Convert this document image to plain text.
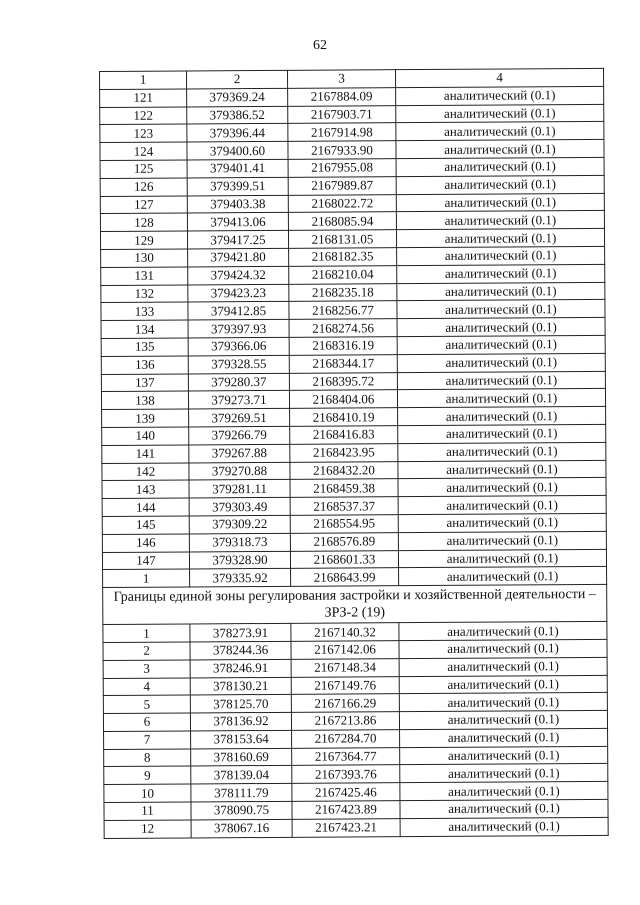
62
1	2	3	4
121	379369.24	2167884.09	аналитический (0.1)
122	379386.52	2167903.71	аналитический (0.1)
123	379396.44	2167914.98	аналитический (0.1)
124	379400.60	2167933.90	аналитический (0.1)
125	379401.41	2167955.08	аналитический (0.1)
126	379399.51	2167989.87	аналитический (0.1)
127	379403.38	2168022.72	аналитический (0.1)
128	379413.06	2168085.94	аналитический (0.1)
129	379417.25	2168131.05	аналитический (0.1)
130	379421.80	2168182.35	аналитический (0.1)
131	379424.32	2168210.04	аналитический (0.1)
132	379423.23	2168235.18	аналитический (0.1)
133	379412.85	2168256.77	аналитический (0.1)
134	379397.93	2168274.56	аналитический (0.1)
135	379366.06	2168316.19	аналитический (0.1)
136	379328.55	2168344.17	аналитический (0.1)
137	379280.37	2168395.72	аналитический (0.1)
138	379273.71	2168404.06	аналитический (0.1)
139	379269.51	2168410.19	аналитический (0.1)
140	379266.79	2168416.83	аналитический (0.1)
141	379267.88	2168423.95	аналитический (0.1)
142	379270.88	2168432.20	аналитический (0.1)
143	379281.11	2168459.38	аналитический (0.1)
144	379303.49	2168537.37	аналитический (0.1)
145	379309.22	2168554.95	аналитический (0.1)
146	379318.73	2168576.89	аналитический (0.1)
147	379328.90	2168601.33	аналитический (0.1)
1	379335.92	2168643.99	аналитический (0.1)
Границы единой зоны регулирования застройки и хозяйственной деятельности – ЗРЗ-2 (19)			
1	378273.91	2167140.32	аналитический (0.1)
2	378244.36	2167142.06	аналитический (0.1)
3	378246.91	2167148.34	аналитический (0.1)
4	378130.21	2167149.76	аналитический (0.1)
5	378125.70	2167166.29	аналитический (0.1)
6	378136.92	2167213.86	аналитический (0.1)
7	378153.64	2167284.70	аналитический (0.1)
8	378160.69	2167364.77	аналитический (0.1)
9	378139.04	2167393.76	аналитический (0.1)
10	378111.79	2167425.46	аналитический (0.1)
11	378090.75	2167423.89	аналитический (0.1)
12	378067.16	2167423.21	аналитический (0.1)
